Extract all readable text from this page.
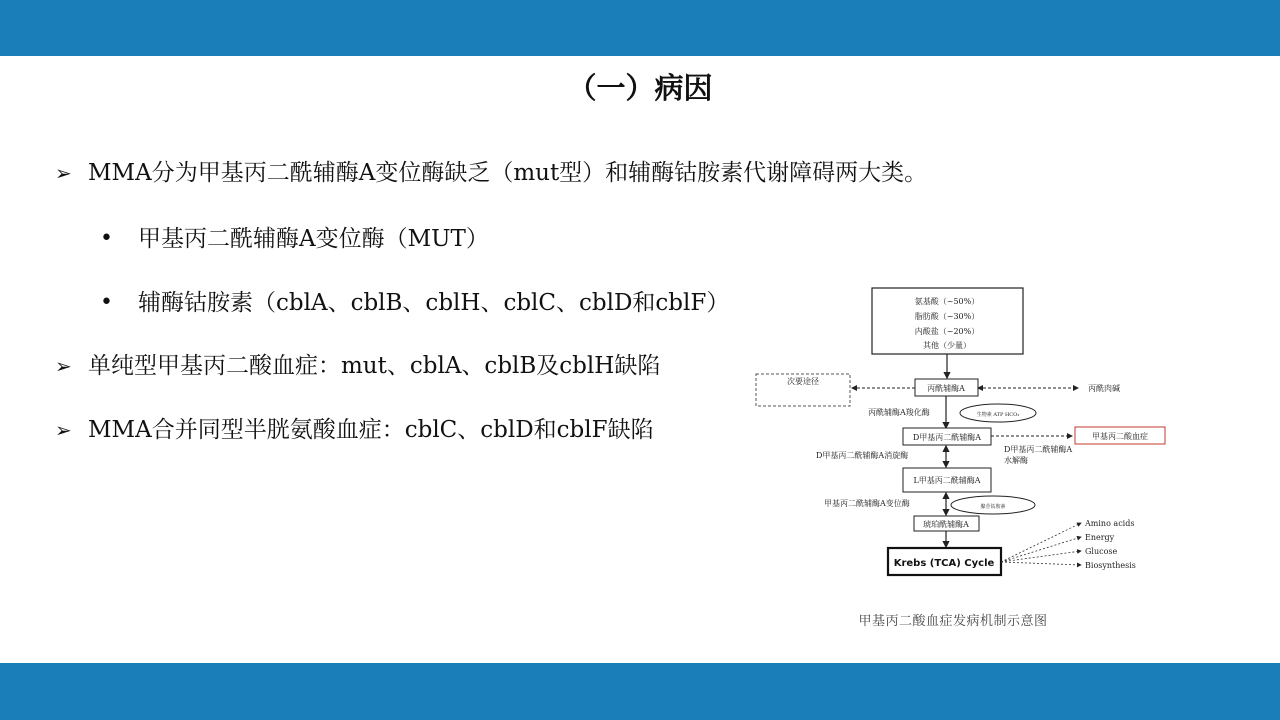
（一）病因
➢ MMA分为甲基丙二酰辅酶A变位酶缺乏（mut型）和辅酶钴胺素代谢障碍两大类。
• 甲基丙二酰辅酶A变位酶（MUT）
• 辅酶钴胺素（cblA、cblB、cblH、cblC、cblD和cblF）
➢ 单纯型甲基丙二酸血症：mut、cblA、cblB及cblH缺陷
➢ MMA合并同型半胱氨酸血症：cblC、cblD和cblF缺陷
氨基酸（~50%）
脂肪酸（~30%）
内酸盐（~20%）
其他（少量）
次要途径
丙酰辅酶A	丙酰肉碱
丙酰辅酶A羧化酶	生物素 ATP HCO₃
D甲基丙二酰辅酶A	甲基丙二酸血症
D甲基丙二酰辅酶A消旋酶
D甲基丙二酰辅酶A
水解酶
L甲基丙二酰辅酶A
甲基丙二酰辅酶A变位酶	腺苷钴胺素
琥珀酰辅酶A
Krebs (TCA) Cycle
Amino acids
Energy
Glucose
Biosynthesis
甲基丙二酸血症发病机制示意图
